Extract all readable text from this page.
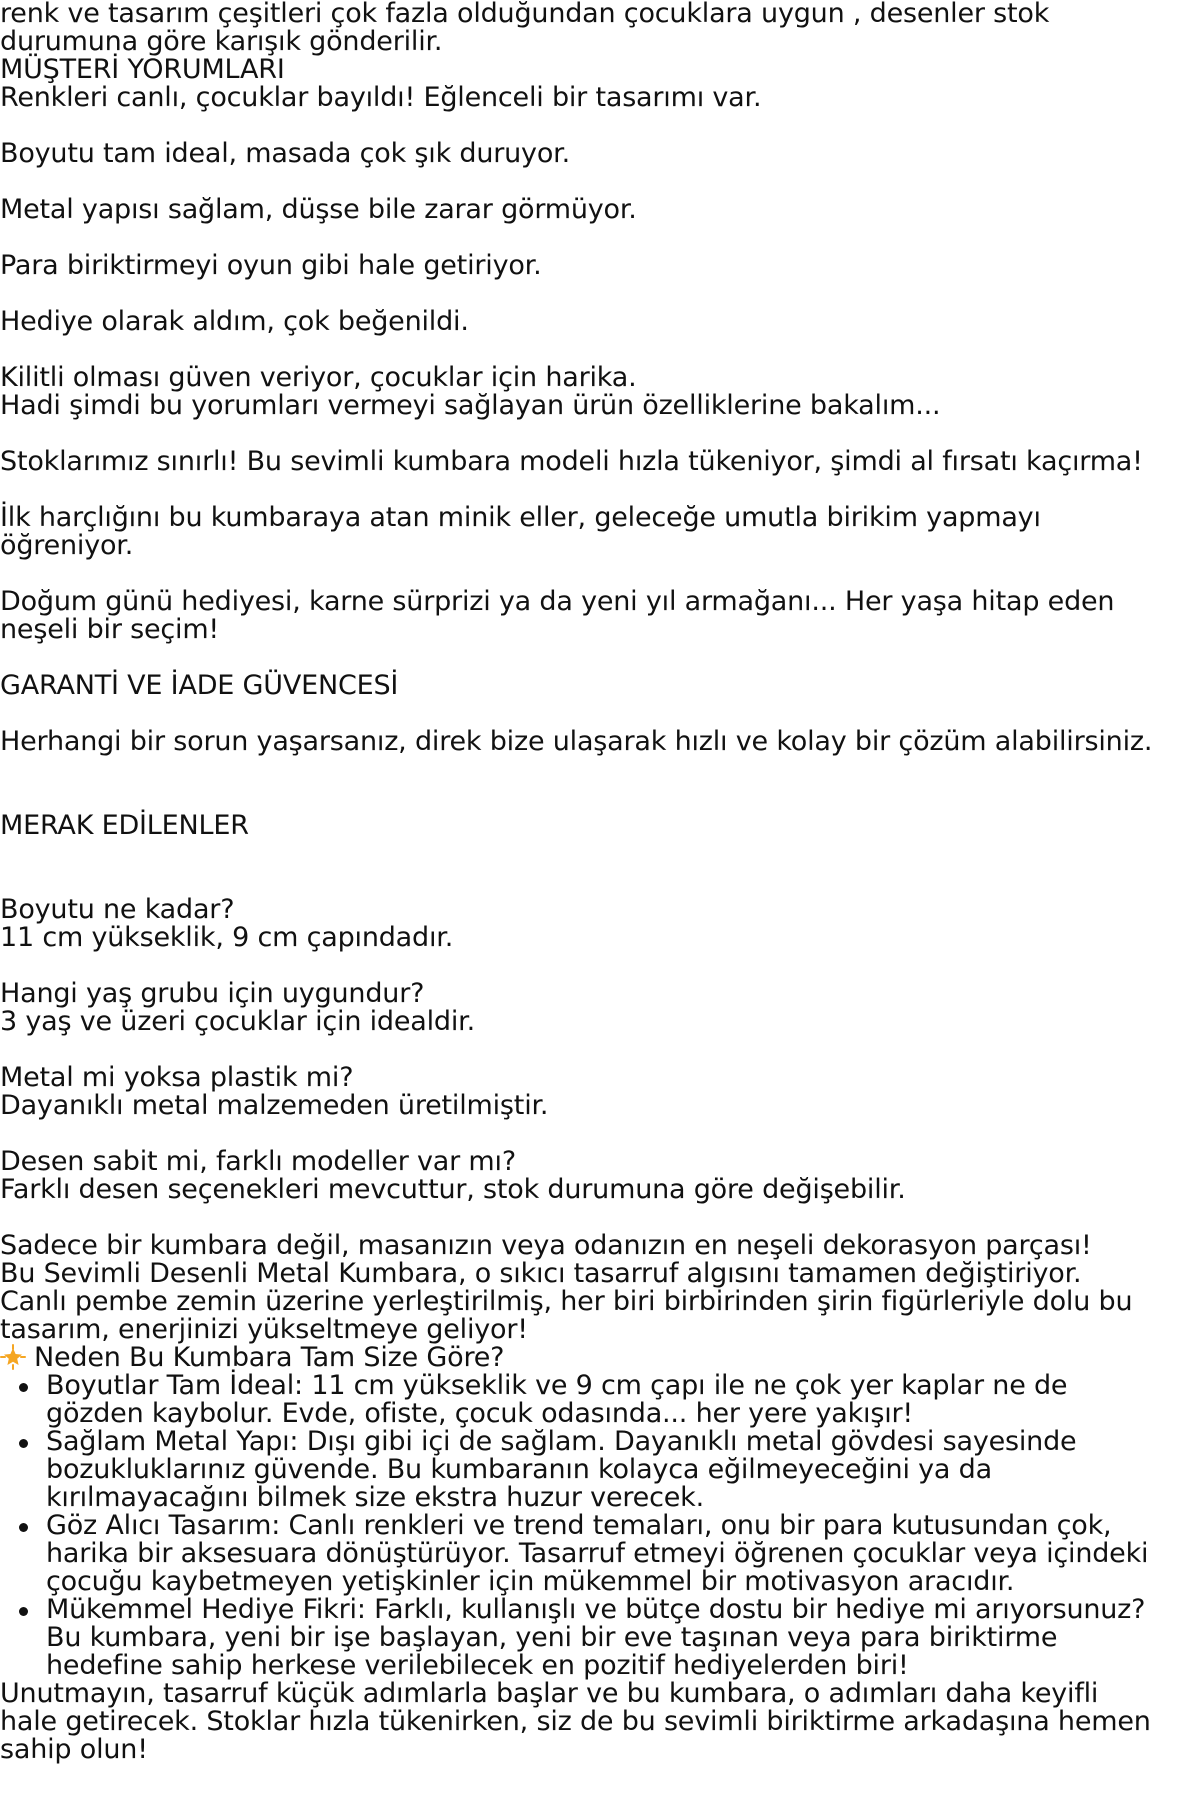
renk ve tasarım çeşitleri çok fazla olduğundan çocuklara uygun , desenler stok durumuna göre karışık gönderilir.

MÜŞTERİ YORUMLARI

Renkleri canlı, çocuklar bayıldı! Eğlenceli bir tasarımı var.

Boyutu tam ideal, masada çok şık duruyor.

Metal yapısı sağlam, düşse bile zarar görmüyor.

Para biriktirmeyi oyun gibi hale getiriyor.

Hediye olarak aldım, çok beğenildi.

Kilitli olması güven veriyor, çocuklar için harika.

Hadi şimdi bu yorumları vermeyi sağlayan ürün özelliklerine bakalım...

Stoklarımız sınırlı! Bu sevimli kumbara modeli hızla tükeniyor, şimdi al fırsatı kaçırma!

İlk harçlığını bu kumbaraya atan minik eller, geleceğe umutla birikim yapmayı öğreniyor.

Doğum günü hediyesi, karne sürprizi ya da yeni yıl armağanı... Her yaşa hitap eden neşeli bir seçim!

GARANTİ VE İADE GÜVENCESİ

Herhangi bir sorun yaşarsanız, direk bize ulaşarak hızlı ve kolay bir çözüm alabilirsiniz.

MERAK EDİLENLER

Boyutu ne kadar?

11 cm yükseklik, 9 cm çapındadır.

Hangi yaş grubu için uygundur?

3 yaş ve üzeri çocuklar için idealdir.

Metal mi yoksa plastik mi?

Dayanıklı metal malzemeden üretilmiştir.

Desen sabit mi, farklı modeller var mı?

Farklı desen seçenekleri mevcuttur, stok durumuna göre değişebilir.

Sadece bir kumbara değil, masanızın veya odanızın en neşeli dekorasyon parçası!

Bu Sevimli Desenli Metal Kumbara, o sıkıcı tasarruf algısını tamamen değiştiriyor.

Canlı pembe zemin üzerine yerleştirilmiş, her biri birbirinden şirin figürleriyle dolu bu tasarım, enerjinizi yükseltmeye geliyor!

Neden Bu Kumbara Tam Size Göre?

Boyutlar Tam İdeal: 11 cm yükseklik ve 9 cm çapı ile ne çok yer kaplar ne de gözden kaybolur. Evde, ofiste, çocuk odasında... her yere yakışır!
Sağlam Metal Yapı: Dışı gibi içi de sağlam. Dayanıklı metal gövdesi sayesinde bozukluklarınız güvende. Bu kumbaranın kolayca eğilmeyeceğini ya da kırılmayacağını bilmek size ekstra huzur verecek.
Göz Alıcı Tasarım: Canlı renkleri ve trend temaları, onu bir para kutusundan çok, harika bir aksesuara dönüştürüyor. Tasarruf etmeyi öğrenen çocuklar veya içindeki çocuğu kaybetmeyen yetişkinler için mükemmel bir motivasyon aracıdır.
Mükemmel Hediye Fikri: Farklı, kullanışlı ve bütçe dostu bir hediye mi arıyorsunuz? Bu kumbara, yeni bir işe başlayan, yeni bir eve taşınan veya para biriktirme hedefine sahip herkese verilebilecek en pozitif hediyelerden biri!

Unutmayın, tasarruf küçük adımlarla başlar ve bu kumbara, o adımları daha keyifli hale getirecek. Stoklar hızla tükenirken, siz de bu sevimli biriktirme arkadaşına hemen sahip olun!
